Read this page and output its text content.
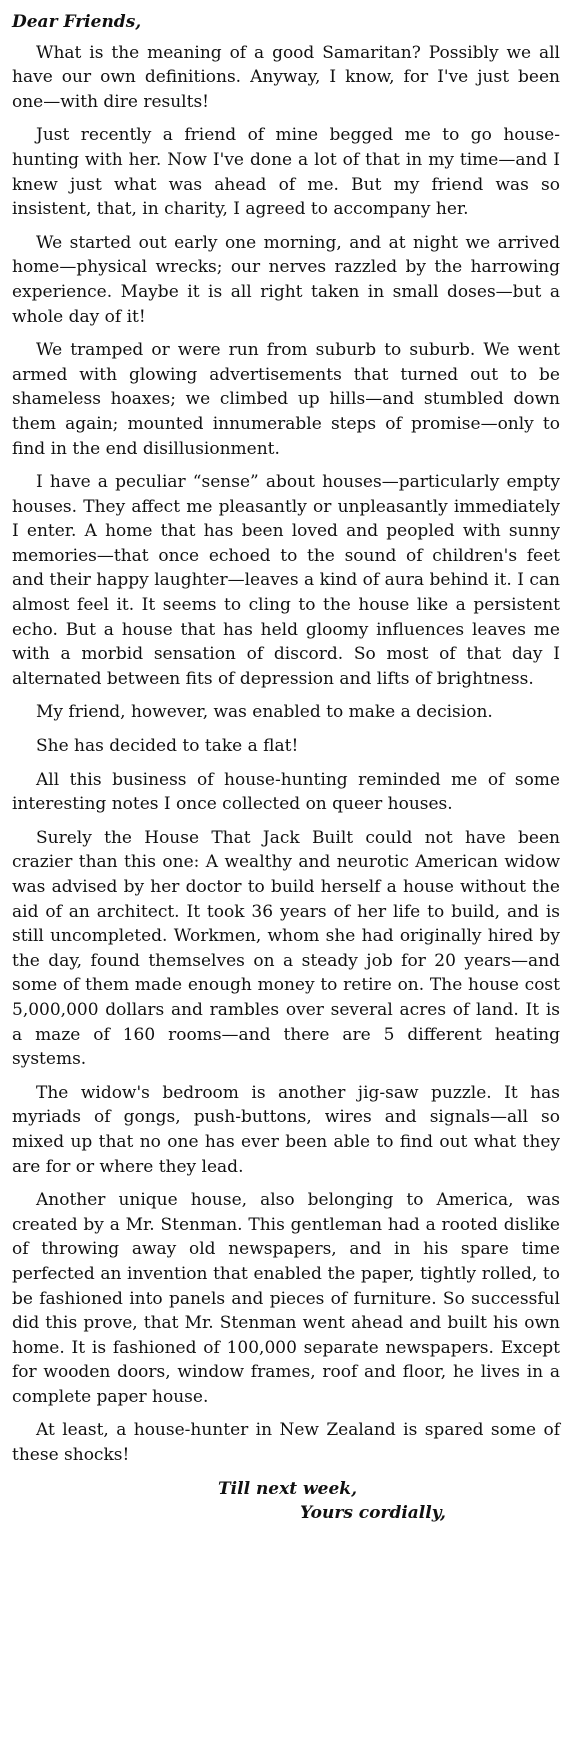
Dear Friends,

What is the meaning of a good Samaritan? Possibly we all have our own definitions. Anyway, I know, for I've just been one—with dire results!

Just recently a friend of mine begged me to go house-hunting with her. Now I've done a lot of that in my time—and I knew just what was ahead of me. But my friend was so insistent, that, in charity, I agreed to accompany her.

We started out early one morning, and at night we arrived home—physical wrecks; our nerves razzled by the harrowing experience. Maybe it is all right taken in small doses—but a whole day of it!

We tramped or were run from suburb to suburb. We went armed with glowing advertisements that turned out to be shameless hoaxes; we climbed up hills—and stumbled down them again; mounted innumerable steps of promise—only to find in the end disillusionment.

I have a peculiar “sense” about houses—particularly empty houses. They affect me pleasantly or unpleasantly immediately I enter. A home that has been loved and peopled with sunny memories—that once echoed to the sound of children's feet and their happy laughter—leaves a kind of aura behind it. I can almost feel it. It seems to cling to the house like a persistent echo. But a house that has held gloomy influences leaves me with a morbid sensation of discord. So most of that day I alternated between fits of depression and lifts of brightness.

My friend, however, was enabled to make a decision.

She has decided to take a flat!

All this business of house-hunting reminded me of some interesting notes I once collected on queer houses.

Surely the House That Jack Built could not have been crazier than this one: A wealthy and neurotic American widow was advised by her doctor to build herself a house without the aid of an architect. It took 36 years of her life to build, and is still uncompleted. Workmen, whom she had originally hired by the day, found themselves on a steady job for 20 years—and some of them made enough money to retire on. The house cost 5,000,000 dollars and rambles over several acres of land. It is a maze of 160 rooms—and there are 5 different heating systems.

The widow's bedroom is another jig-saw puzzle. It has myriads of gongs, push-buttons, wires and signals—all so mixed up that no one has ever been able to find out what they are for or where they lead.

Another unique house, also belonging to America, was created by a Mr. Stenman. This gentleman had a rooted dislike of throwing away old newspapers, and in his spare time perfected an invention that enabled the paper, tightly rolled, to be fashioned into panels and pieces of furniture. So successful did this prove, that Mr. Stenman went ahead and built his own home. It is fashioned of 100,000 separate newspapers. Except for wooden doors, window frames, roof and floor, he lives in a complete paper house.

At least, a house-hunter in New Zealand is spared some of these shocks!

Till next week,

Yours cordially,
